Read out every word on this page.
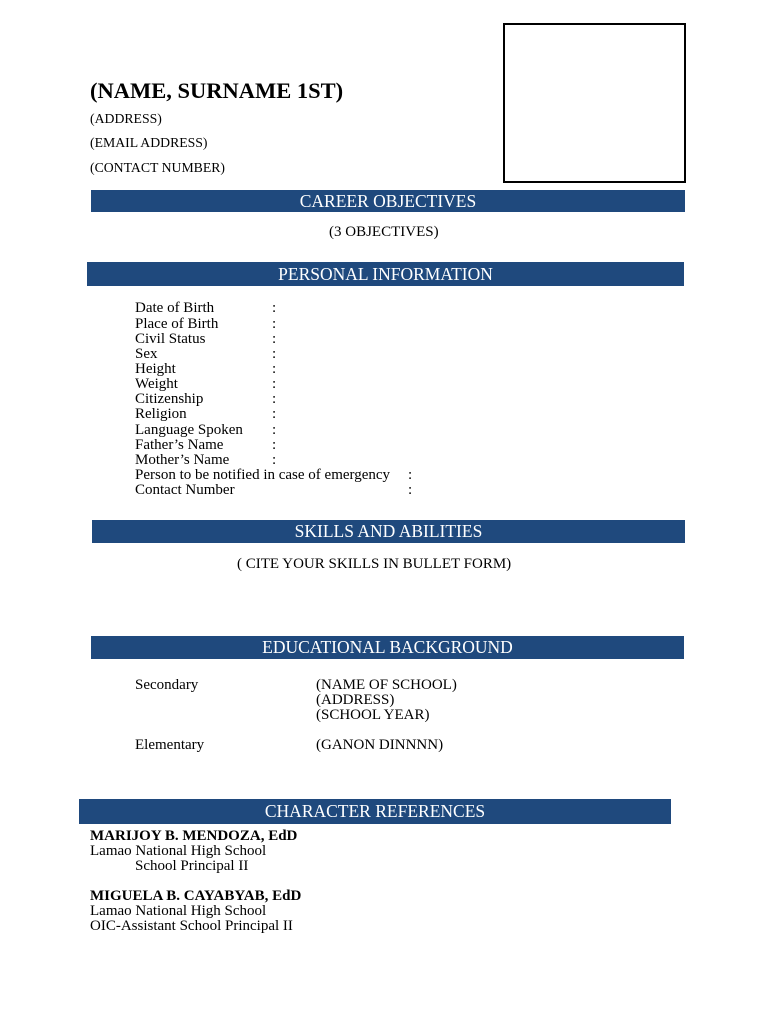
(NAME, SURNAME 1ST)
(ADDRESS)
(EMAIL ADDRESS)
(CONTACT NUMBER)
CAREER OBJECTIVES
(3 OBJECTIVES)
PERSONAL INFORMATION
Date of Birth	:
Place of Birth	:
Civil Status	:
Sex	:
Height	:
Weight	:
Citizenship	:
Religion	:
Language Spoken :
Father’s Name	:
Mother’s Name	:
Person to be notified in case of emergency :
Contact Number	:
SKILLS AND ABILITIES
( CITE YOUR SKILLS IN BULLET FORM)
EDUCATIONAL BACKGROUND
Secondary	(NAME OF SCHOOL)
(ADDRESS)
(SCHOOL YEAR)
Elementary	(GANON DINNNN)
CHARACTER REFERENCES
MARIJOY B. MENDOZA, EdD
Lamao National High School
School Principal II
MIGUELA B. CAYABYAB, EdD
Lamao National High School
OIC-Assistant School Principal II
